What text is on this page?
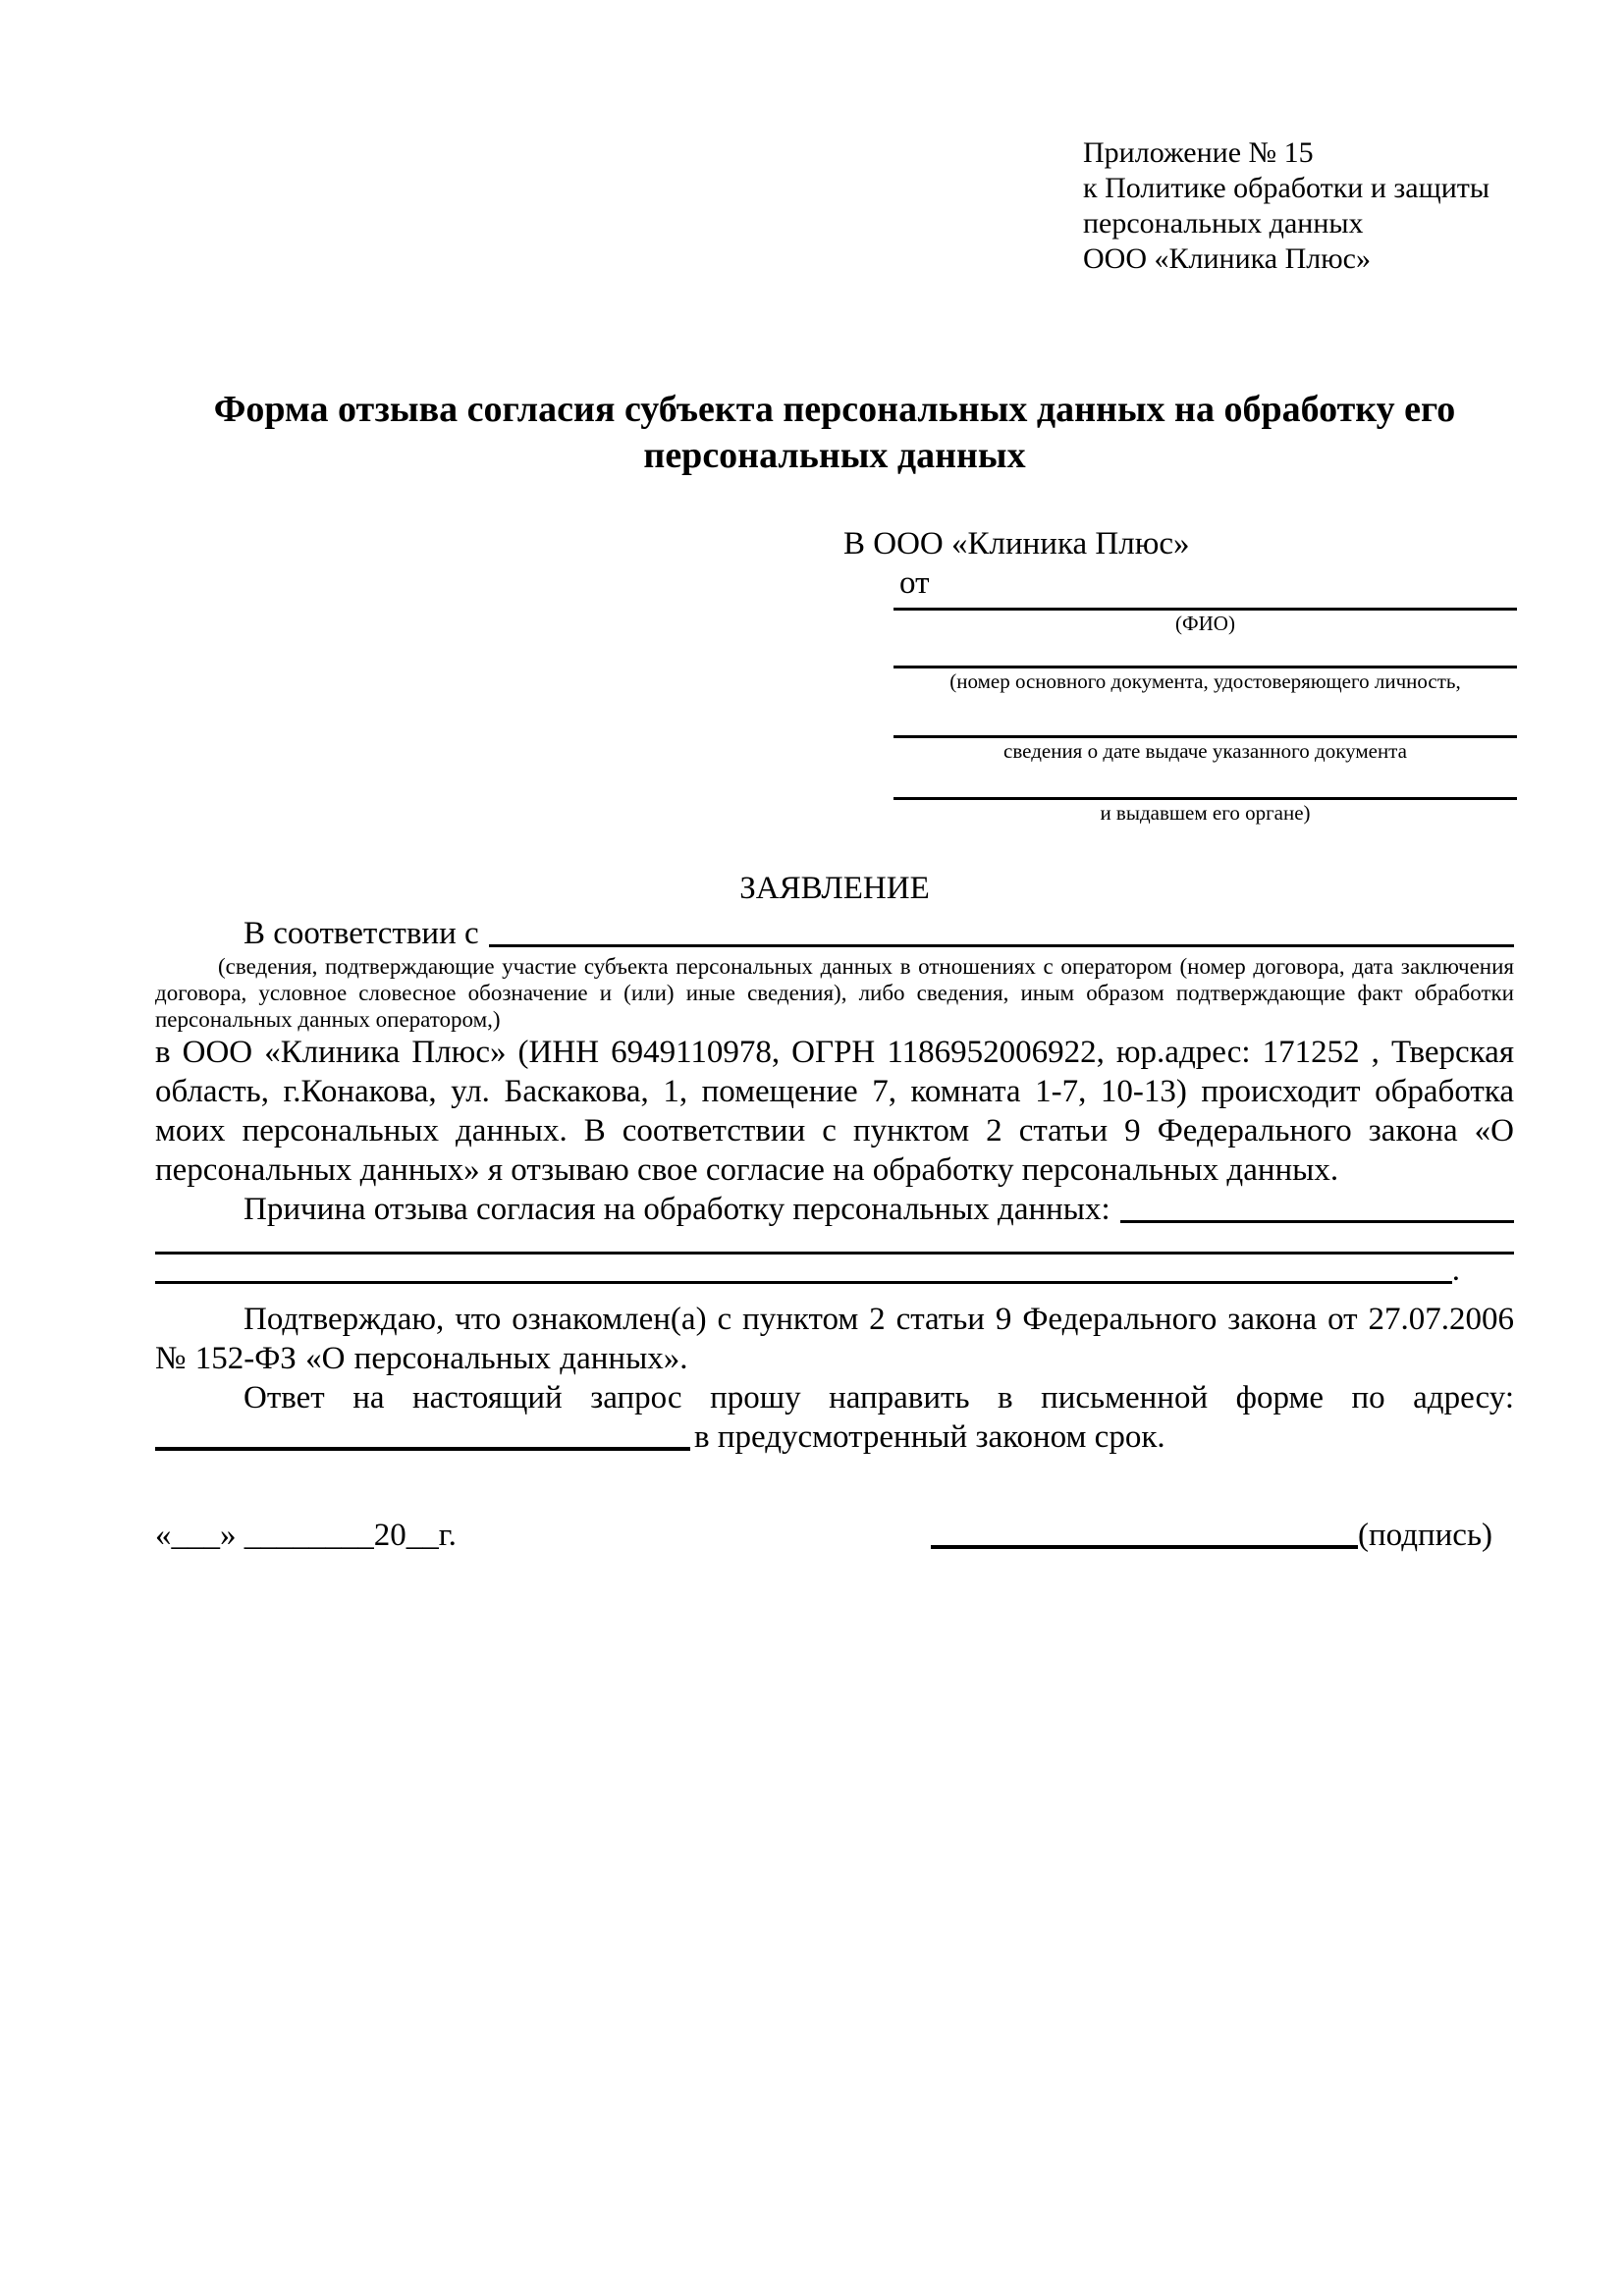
Приложение № 15
к Политике обработки и защиты
персональных данных
ООО «Клиника Плюс»
Форма отзыва согласия субъекта персональных данных на обработку его персональных данных
В ООО «Клиника Плюс»
от
(ФИО)
(номер основного документа, удостоверяющего личность,
сведения о дате выдаче указанного документа
и выдавшем его органе)
ЗАЯВЛЕНИЕ
В соответствии с
(сведения, подтверждающие участие субъекта персональных данных в отношениях с оператором (номер договора, дата заключения договора, условное словесное обозначение и (или) иные сведения), либо сведения, иным образом подтверждающие факт обработки персональных данных оператором,)
в ООО «Клиника Плюс» (ИНН 6949110978, ОГРН 1186952006922, юр.адрес: 171252 , Тверская область, г.Конакова, ул. Баскакова, 1, помещение 7, комната 1-7, 10-13) происходит обработка моих персональных данных. В соответствии с пунктом 2 статьи 9 Федерального закона «О персональных данных» я отзываю свое согласие на обработку персональных данных.
Причина отзыва согласия на обработку персональных данных:
.
Подтверждаю, что ознакомлен(а) с пунктом 2 статьи 9 Федерального закона от 27.07.2006 № 152-ФЗ «О персональных данных».
Ответ на настоящий запрос прошу направить в письменной форме по адресу:
в предусмотренный законом срок.
«___» ________20__г.	(подпись)
